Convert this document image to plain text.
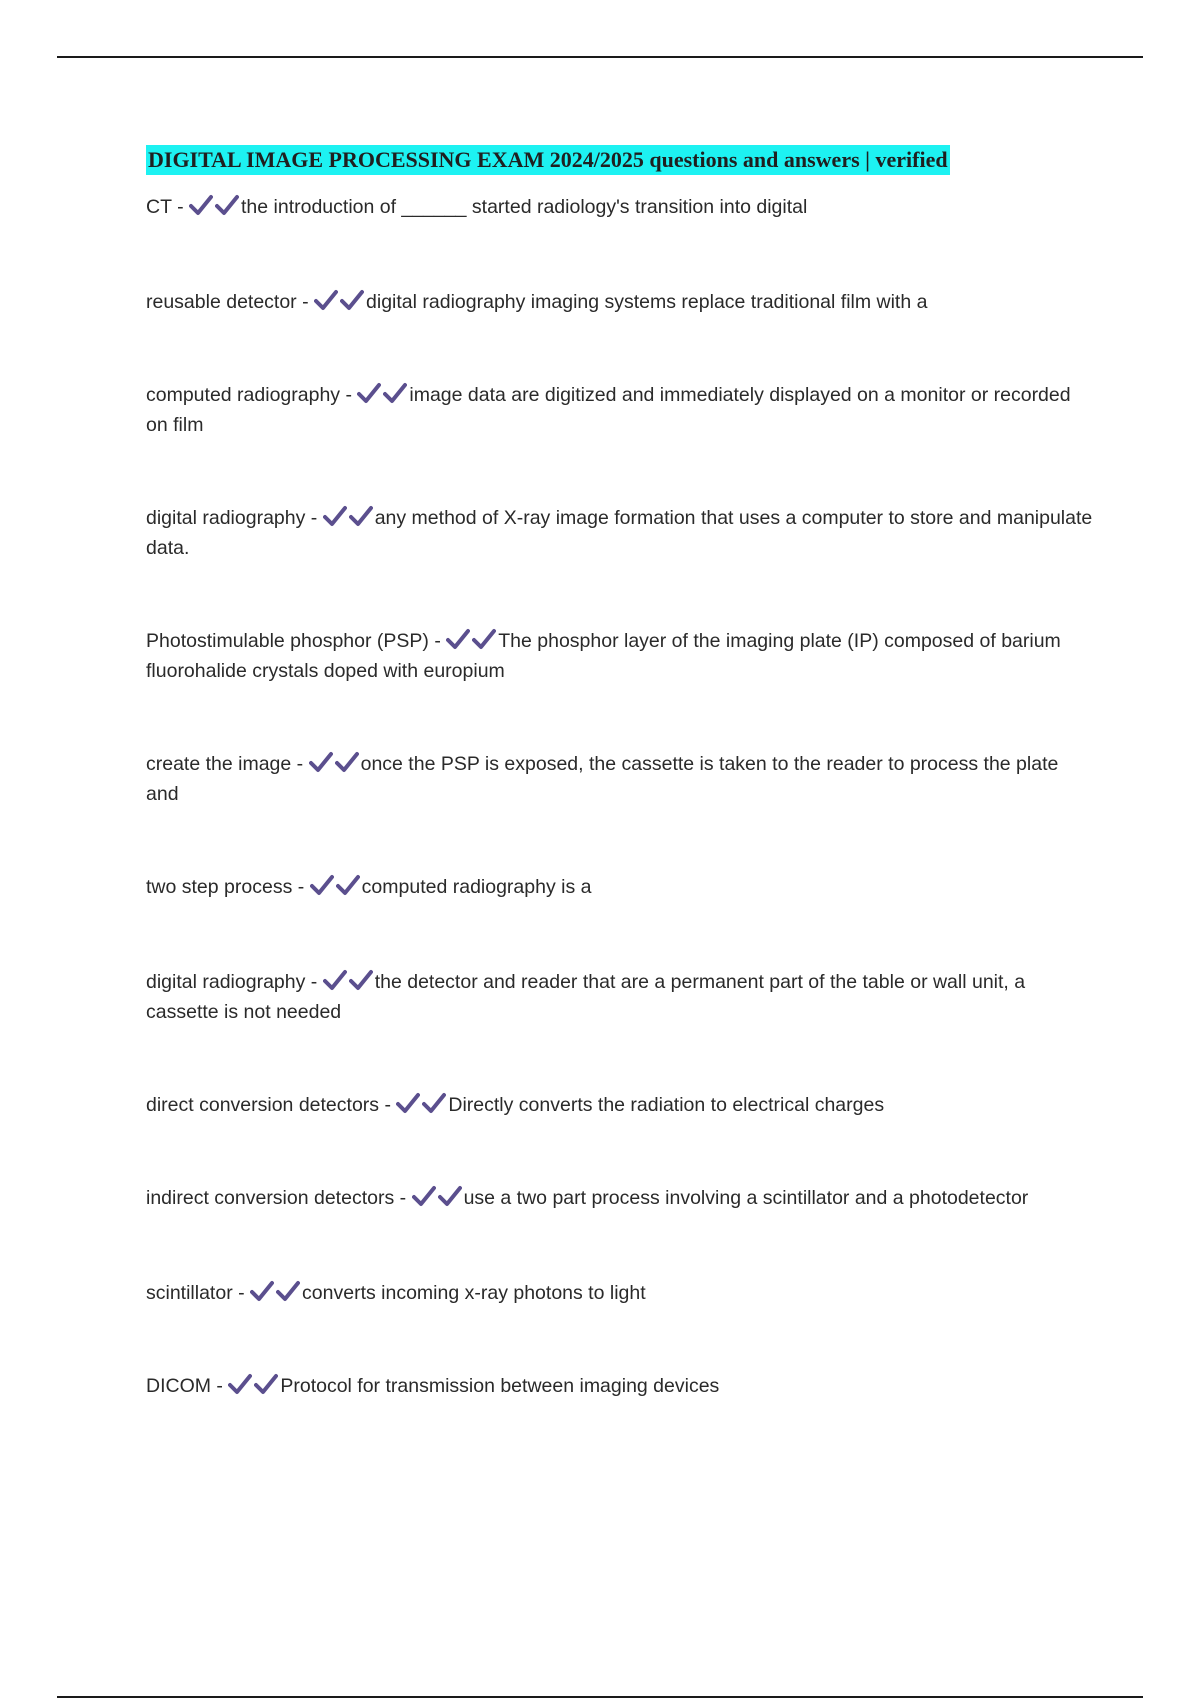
DIGITAL IMAGE PROCESSING EXAM 2024/2025 questions and answers | verified
CT -	the introduction of ______ started radiology's transition into digital
reusable detector -	digital radiography imaging systems replace traditional film with a
computed radiography -	image data are digitized and immediately displayed on a monitor or recorded on film
digital radiography -	any method of X-ray image formation that uses a computer to store and manipulate data.
Photostimulable phosphor (PSP) -	The phosphor layer of the imaging plate (IP) composed of barium fluorohalide crystals doped with europium
create the image -	once the PSP is exposed, the cassette is taken to the reader to process the plate and
two step process -	computed radiography is a
digital radiography -	the detector and reader that are a permanent part of the table or wall unit, a cassette is not needed
direct conversion detectors -	Directly converts the radiation to electrical charges
indirect conversion detectors -	use a two part process involving a scintillator and a photodetector
scintillator -	converts incoming x-ray photons to light
DICOM -	Protocol for transmission between imaging devices
